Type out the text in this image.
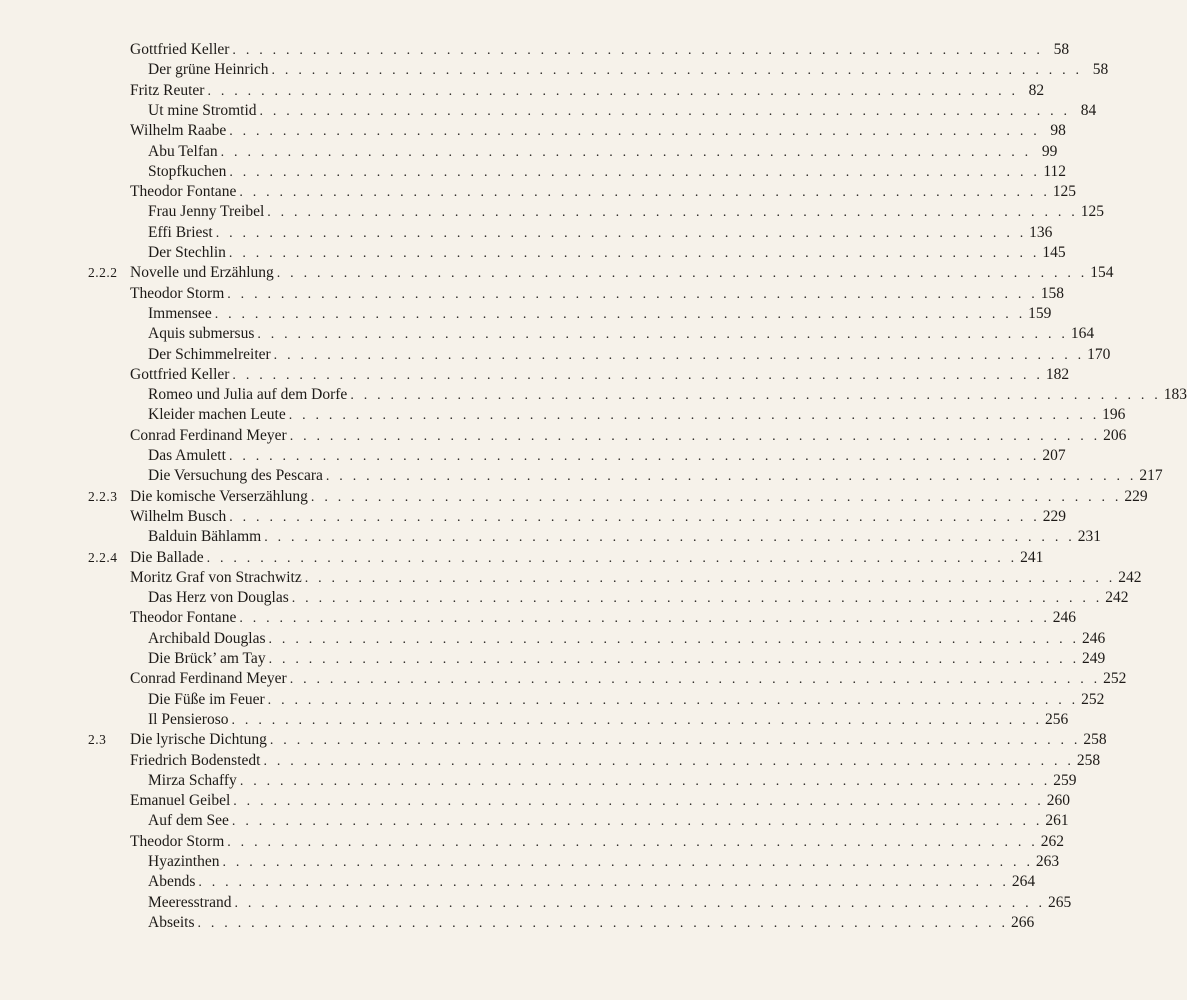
Gottfried Keller . . . . . . . . . . . . . . . . . . . . . . . . . . . . . . . . . . . . . . . . . . . . . . . . . . . . . . . . . . . . . 58
Der grüne Heinrich . . . . . . . . . . . . . . . . . . . . . . . . . . . . . . . . . . . . . . . . . . . . . . . . . . . . . . . . . . . . . 58
Fritz Reuter . . . . . . . . . . . . . . . . . . . . . . . . . . . . . . . . . . . . . . . . . . . . . . . . . . . . . . . . . . . . . 82
Ut mine Stromtid . . . . . . . . . . . . . . . . . . . . . . . . . . . . . . . . . . . . . . . . . . . . . . . . . . . . . . . . . . . . . 84
Wilhelm Raabe . . . . . . . . . . . . . . . . . . . . . . . . . . . . . . . . . . . . . . . . . . . . . . . . . . . . . . . . . . . . . 98
Abu Telfan . . . . . . . . . . . . . . . . . . . . . . . . . . . . . . . . . . . . . . . . . . . . . . . . . . . . . . . . . . . . . 99
Stopfkuchen . . . . . . . . . . . . . . . . . . . . . . . . . . . . . . . . . . . . . . . . . . . . . . . . . . . . . . . . . . . . . 112
Theodor Fontane . . . . . . . . . . . . . . . . . . . . . . . . . . . . . . . . . . . . . . . . . . . . . . . . . . . . . . . . . . . . . 125
Frau Jenny Treibel . . . . . . . . . . . . . . . . . . . . . . . . . . . . . . . . . . . . . . . . . . . . . . . . . . . . . . . . . . . . . 125
Effi Briest . . . . . . . . . . . . . . . . . . . . . . . . . . . . . . . . . . . . . . . . . . . . . . . . . . . . . . . . . . . . . 136
Der Stechlin . . . . . . . . . . . . . . . . . . . . . . . . . . . . . . . . . . . . . . . . . . . . . . . . . . . . . . . . . . . . . 145
2.2.2 Novelle und Erzählung . . . . . . . . . . . . . . . . . . . . . . . . . . . . . . . . . . . . . . . . . . . . . . . . . . . . . . . . . . . . . 154
Theodor Storm . . . . . . . . . . . . . . . . . . . . . . . . . . . . . . . . . . . . . . . . . . . . . . . . . . . . . . . . . . . . . 158
Immensee . . . . . . . . . . . . . . . . . . . . . . . . . . . . . . . . . . . . . . . . . . . . . . . . . . . . . . . . . . . . . 159
Aquis submersus . . . . . . . . . . . . . . . . . . . . . . . . . . . . . . . . . . . . . . . . . . . . . . . . . . . . . . . . . . . . . 164
Der Schimmelreiter . . . . . . . . . . . . . . . . . . . . . . . . . . . . . . . . . . . . . . . . . . . . . . . . . . . . . . . . . . . . . 170
Gottfried Keller . . . . . . . . . . . . . . . . . . . . . . . . . . . . . . . . . . . . . . . . . . . . . . . . . . . . . . . . . . . . . 182
Romeo und Julia auf dem Dorfe . . . . . . . . . . . . . . . . . . . . . . . . . . . . . . . . . . . . . . . . . . . . . . . . . . . . . . . . . . . . . 183
Kleider machen Leute . . . . . . . . . . . . . . . . . . . . . . . . . . . . . . . . . . . . . . . . . . . . . . . . . . . . . . . . . . . . . 196
Conrad Ferdinand Meyer . . . . . . . . . . . . . . . . . . . . . . . . . . . . . . . . . . . . . . . . . . . . . . . . . . . . . . . . . . . . . 206
Das Amulett . . . . . . . . . . . . . . . . . . . . . . . . . . . . . . . . . . . . . . . . . . . . . . . . . . . . . . . . . . . . . 207
Die Versuchung des Pescara . . . . . . . . . . . . . . . . . . . . . . . . . . . . . . . . . . . . . . . . . . . . . . . . . . . . . . . . . . . . . 217
2.2.3 Die komische Verserzählung . . . . . . . . . . . . . . . . . . . . . . . . . . . . . . . . . . . . . . . . . . . . . . . . . . . . . . . . . . . . . 229
Wilhelm Busch . . . . . . . . . . . . . . . . . . . . . . . . . . . . . . . . . . . . . . . . . . . . . . . . . . . . . . . . . . . . . 229
Balduin Bählamm . . . . . . . . . . . . . . . . . . . . . . . . . . . . . . . . . . . . . . . . . . . . . . . . . . . . . . . . . . . . . 231
2.2.4 Die Ballade . . . . . . . . . . . . . . . . . . . . . . . . . . . . . . . . . . . . . . . . . . . . . . . . . . . . . . . . . . . . . 241
Moritz Graf von Strachwitz . . . . . . . . . . . . . . . . . . . . . . . . . . . . . . . . . . . . . . . . . . . . . . . . . . . . . . . . . . . . . 242
Das Herz von Douglas . . . . . . . . . . . . . . . . . . . . . . . . . . . . . . . . . . . . . . . . . . . . . . . . . . . . . . . . . . . . . 242
Theodor Fontane . . . . . . . . . . . . . . . . . . . . . . . . . . . . . . . . . . . . . . . . . . . . . . . . . . . . . . . . . . . . . 246
Archibald Douglas . . . . . . . . . . . . . . . . . . . . . . . . . . . . . . . . . . . . . . . . . . . . . . . . . . . . . . . . . . . . . 246
Die Brück’ am Tay . . . . . . . . . . . . . . . . . . . . . . . . . . . . . . . . . . . . . . . . . . . . . . . . . . . . . . . . . . . . . 249
Conrad Ferdinand Meyer . . . . . . . . . . . . . . . . . . . . . . . . . . . . . . . . . . . . . . . . . . . . . . . . . . . . . . . . . . . . . 252
Die Füße im Feuer . . . . . . . . . . . . . . . . . . . . . . . . . . . . . . . . . . . . . . . . . . . . . . . . . . . . . . . . . . . . . 252
Il Pensieroso . . . . . . . . . . . . . . . . . . . . . . . . . . . . . . . . . . . . . . . . . . . . . . . . . . . . . . . . . . . . . 256
2.3 Die lyrische Dichtung . . . . . . . . . . . . . . . . . . . . . . . . . . . . . . . . . . . . . . . . . . . . . . . . . . . . . . . . . . . . . 258
Friedrich Bodenstedt . . . . . . . . . . . . . . . . . . . . . . . . . . . . . . . . . . . . . . . . . . . . . . . . . . . . . . . . . . . . . 258
Mirza Schaffy . . . . . . . . . . . . . . . . . . . . . . . . . . . . . . . . . . . . . . . . . . . . . . . . . . . . . . . . . . . . . 259
Emanuel Geibel . . . . . . . . . . . . . . . . . . . . . . . . . . . . . . . . . . . . . . . . . . . . . . . . . . . . . . . . . . . . . 260
Auf dem See . . . . . . . . . . . . . . . . . . . . . . . . . . . . . . . . . . . . . . . . . . . . . . . . . . . . . . . . . . . . . 261
Theodor Storm . . . . . . . . . . . . . . . . . . . . . . . . . . . . . . . . . . . . . . . . . . . . . . . . . . . . . . . . . . . . . 262
Hyazinthen . . . . . . . . . . . . . . . . . . . . . . . . . . . . . . . . . . . . . . . . . . . . . . . . . . . . . . . . . . . . . 263
Abends . . . . . . . . . . . . . . . . . . . . . . . . . . . . . . . . . . . . . . . . . . . . . . . . . . . . . . . . . . . . . 264
Meeresstrand . . . . . . . . . . . . . . . . . . . . . . . . . . . . . . . . . . . . . . . . . . . . . . . . . . . . . . . . . . . . . 265
Abseits . . . . . . . . . . . . . . . . . . . . . . . . . . . . . . . . . . . . . . . . . . . . . . . . . . . . . . . . . . . . . 266
